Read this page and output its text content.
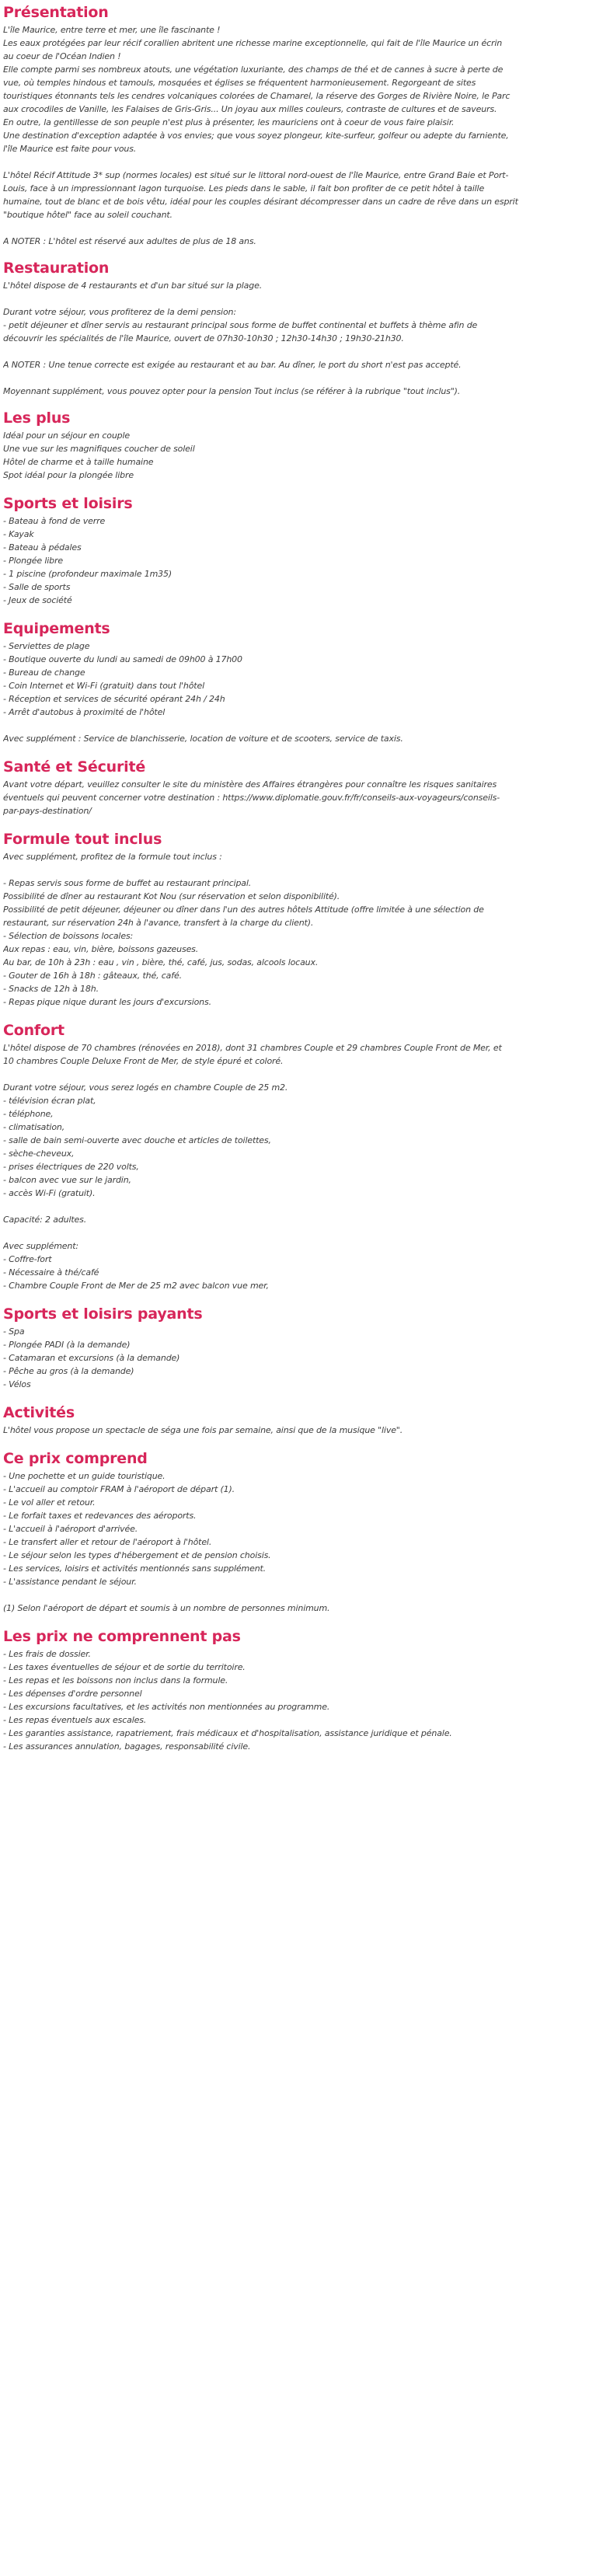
Présentation
L'île Maurice, entre terre et mer, une île fascinante !
Les eaux protégées par leur récif corallien abritent une richesse marine exceptionnelle, qui fait de l'île Maurice un écrin
au coeur de l'Océan Indien !
Elle compte parmi ses nombreux atouts, une végétation luxuriante, des champs de thé et de cannes à sucre à perte de
vue, où temples hindous et tamouls, mosquées et églises se fréquentent harmonieusement. Regorgeant de sites
touristiques étonnants tels les cendres volcaniques colorées de Chamarel, la réserve des Gorges de Rivière Noire, le Parc
aux crocodiles de Vanille, les Falaises de Gris-Gris... Un joyau aux milles couleurs, contraste de cultures et de saveurs.
En outre, la gentillesse de son peuple n'est plus à présenter, les mauriciens ont à coeur de vous faire plaisir.
Une destination d'exception adaptée à vos envies; que vous soyez plongeur, kite-surfeur, golfeur ou adepte du farniente,
l'île Maurice est faite pour vous.
L'hôtel Récif Attitude 3* sup (normes locales) est situé sur le littoral nord-ouest de l'île Maurice, entre Grand Baie et Port-
Louis, face à un impressionnant lagon turquoise. Les pieds dans le sable, il fait bon profiter de ce petit hôtel à taille
humaine, tout de blanc et de bois vêtu, idéal pour les couples désirant décompresser dans un cadre de rêve dans un esprit
"boutique hôtel" face au soleil couchant.
A NOTER : L'hôtel est réservé aux adultes de plus de 18 ans.
Restauration
L'hôtel dispose de 4 restaurants et d'un bar situé sur la plage.
Durant votre séjour, vous profiterez de la demi pension:
- petit déjeuner et dîner servis au restaurant principal sous forme de buffet continental et buffets à thème afin de
découvrir les spécialités de l'île Maurice, ouvert de 07h30-10h30 ; 12h30-14h30 ; 19h30-21h30.
A NOTER : Une tenue correcte est exigée au restaurant et au bar. Au dîner, le port du short n'est pas accepté.
Moyennant supplément, vous pouvez opter pour la pension Tout inclus (se référer à la rubrique "tout inclus").
Les plus
Idéal pour un séjour en couple
Une vue sur les magnifiques coucher de soleil
Hôtel de charme et à taille humaine
Spot idéal pour la plongée libre
Sports et loisirs
- Bateau à fond de verre
- Kayak
- Bateau à pédales
- Plongée libre
- 1 piscine (profondeur maximale 1m35)
- Salle de sports
- Jeux de société
Equipements
- Serviettes de plage
- Boutique ouverte du lundi au samedi de 09h00 à 17h00
- Bureau de change
- Coin Internet et Wi-Fi (gratuit) dans tout l'hôtel
- Réception et services de sécurité opérant 24h / 24h
- Arrêt d'autobus à proximité de l'hôtel
Avec supplément : Service de blanchisserie, location de voiture et de scooters, service de taxis.
Santé et Sécurité
Avant votre départ, veuillez consulter le site du ministère des Affaires étrangères pour connaître les risques sanitaires
éventuels qui peuvent concerner votre destination : https://www.diplomatie.gouv.fr/fr/conseils-aux-voyageurs/conseils-
par-pays-destination/
Formule tout inclus
Avec supplément, profitez de la formule tout inclus :
- Repas servis sous forme de buffet au restaurant principal.
Possibilité de dîner au restaurant Kot Nou (sur réservation et selon disponibilité).
Possibilité de petit déjeuner, déjeuner ou dîner dans l'un des autres hôtels Attitude (offre limitée à une sélection de
restaurant, sur réservation 24h à l'avance, transfert à la charge du client).
- Sélection de boissons locales:
Aux repas : eau, vin, bière, boissons gazeuses.
Au bar, de 10h à 23h : eau , vin , bière, thé, café, jus, sodas, alcools locaux.
- Gouter de 16h à 18h : gâteaux, thé, café.
- Snacks de 12h à 18h.
- Repas pique nique durant les jours d'excursions.
Confort
L'hôtel dispose de 70 chambres (rénovées en 2018), dont 31 chambres Couple et 29 chambres Couple Front de Mer, et
10 chambres Couple Deluxe Front de Mer, de style épuré et coloré.
Durant votre séjour, vous serez logés en chambre Couple de 25 m2.
- télévision écran plat,
- téléphone,
- climatisation,
- salle de bain semi-ouverte avec douche et articles de toilettes,
- sèche-cheveux,
- prises électriques de 220 volts,
- balcon avec vue sur le jardin,
- accès Wi-Fi (gratuit).
Capacité: 2 adultes.
Avec supplément:
- Coffre-fort
- Nécessaire à thé/café
- Chambre Couple Front de Mer de 25 m2 avec balcon vue mer,
Sports et loisirs payants
- Spa
- Plongée PADI (à la demande)
- Catamaran et excursions (à la demande)
- Pêche au gros (à la demande)
- Vélos
Activités
L'hôtel vous propose un spectacle de séga une fois par semaine, ainsi que de la musique "live".
Ce prix comprend
- Une pochette et un guide touristique.
- L'accueil au comptoir FRAM à l'aéroport de départ (1).
- Le vol aller et retour.
- Le forfait taxes et redevances des aéroports.
- L'accueil à l'aéroport d'arrivée.
- Le transfert aller et retour de l'aéroport à l'hôtel.
- Le séjour selon les types d'hébergement et de pension choisis.
- Les services, loisirs et activités mentionnés sans supplément.
- L'assistance pendant le séjour.
(1) Selon l'aéroport de départ et soumis à un nombre de personnes minimum.
Les prix ne comprennent pas
- Les frais de dossier.
- Les taxes éventuelles de séjour et de sortie du territoire.
- Les repas et les boissons non inclus dans la formule.
- Les dépenses d'ordre personnel
- Les excursions facultatives, et les activités non mentionnées au programme.
- Les repas éventuels aux escales.
- Les garanties assistance, rapatriement, frais médicaux et d'hospitalisation, assistance juridique et pénale.
- Les assurances annulation, bagages, responsabilité civile.
